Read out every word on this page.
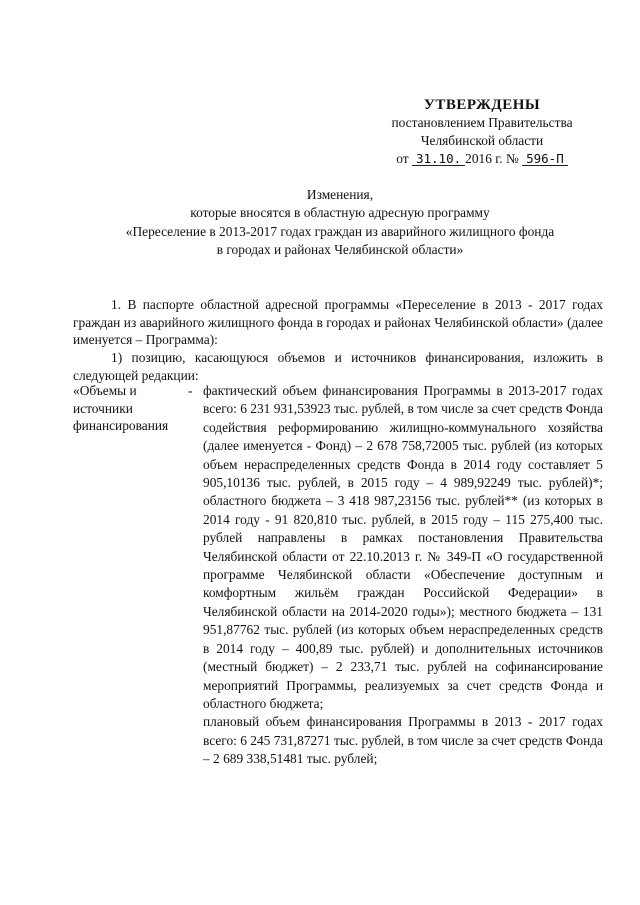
УТВЕРЖДЕНЫ
постановлением Правительства
Челябинской области
от 31.10. 2016 г. № 596-П
Изменения,
которые вносятся в областную адресную программу
«Переселение в 2013-2017 годах граждан из аварийного жилищного фонда
в городах и районах Челябинской области»
1. В паспорте областной адресной программы «Переселение в 2013 - 2017 годах граждан из аварийного жилищного фонда в городах и районах Челябинской области» (далее именуется – Программа):
1) позицию, касающуюся объемов и источников финансирования, изложить в следующей редакции:
«Объемы и источники финансирования
- фактический объем финансирования Программы в 2013-2017 годах всего: 6 231 931,53923 тыс. рублей, в том числе за счет средств Фонда содействия реформированию жилищно-коммунального хозяйства (далее именуется - Фонд) – 2 678 758,72005 тыс. рублей (из которых объем нераспределенных средств Фонда в 2014 году составляет 5 905,10136 тыс. рублей, в 2015 году – 4 989,92249 тыс. рублей)*; областного бюджета – 3 418 987,23156 тыс. рублей** (из которых в 2014 году - 91 820,810 тыс. рублей, в 2015 году – 115 275,400 тыс. рублей направлены в рамках постановления Правительства Челябинской области от 22.10.2013 г. № 349-П «О государственной программе Челябинской области «Обеспечение доступным и комфортным жильём граждан Российской Федерации» в Челябинской области на 2014-2020 годы»); местного бюджета – 131 951,87762 тыс. рублей (из которых объем нераспределенных средств в 2014 году – 400,89 тыс. рублей) и дополнительных источников (местный бюджет) – 2 233,71 тыс. рублей на софинансирование мероприятий Программы, реализуемых за счет средств Фонда и областного бюджета;
плановый объем финансирования Программы в 2013 - 2017 годах всего: 6 245 731,87271 тыс. рублей, в том числе за счет средств Фонда – 2 689 338,51481 тыс. рублей;
